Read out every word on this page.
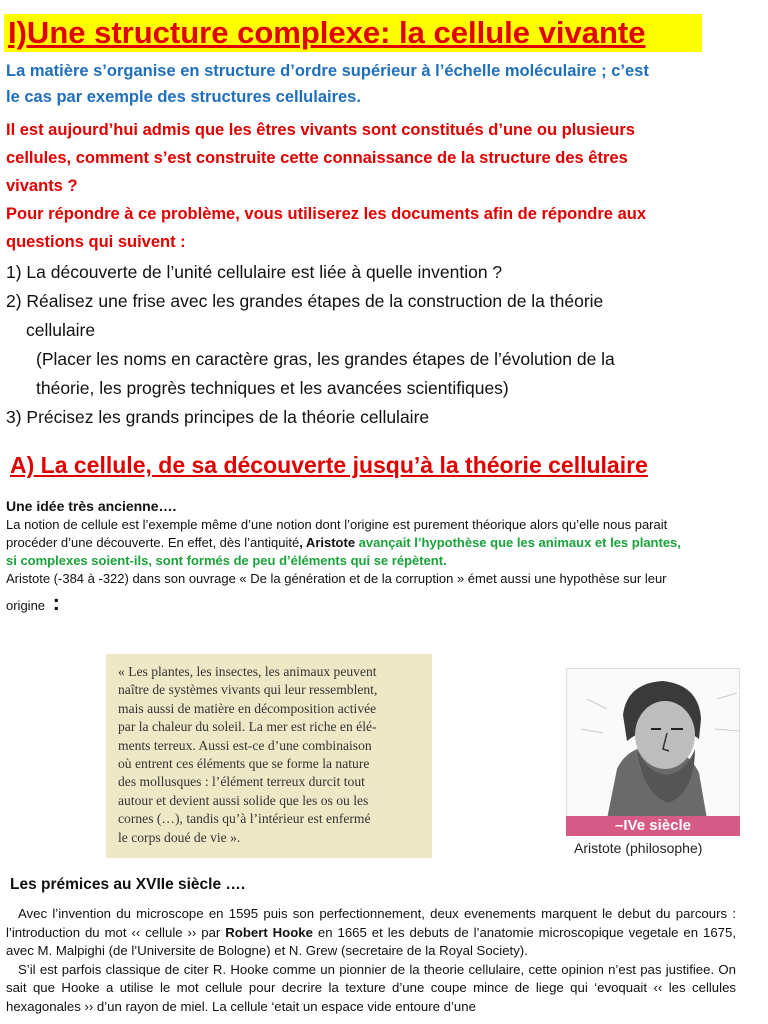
I)Une structure complexe: la cellule vivante
La matière s’organise en structure d’ordre supérieur à l’échelle moléculaire ; c’est
le cas par exemple des structures cellulaires.
Il est aujourd’hui admis que les êtres vivants sont constitués d’une ou plusieurs
cellules, comment s’est construite cette connaissance de la structure des êtres
vivants ?
Pour répondre à ce problème, vous utiliserez les documents afin de répondre aux
questions qui suivent :
1) La découverte de l’unité cellulaire est liée à quelle invention ?
2) Réalisez une frise avec les grandes étapes de la construction de la théorie
cellulaire
(Placer les noms en caractère gras, les grandes étapes de l’évolution de la
théorie, les progrès techniques et les avancées scientifiques)
3) Précisez les grands principes de la théorie cellulaire
A) La cellule, de sa découverte jusqu’à la théorie cellulaire
Une idée très ancienne….
La notion de cellule est l’exemple même d’une notion dont l’origine est purement théorique alors qu’elle nous parait
procéder d’une découverte. En effet, dès l’antiquité, Aristote avançait l’hypothèse que les animaux et les plantes,
si complexes soient-ils, sont formés de peu d’éléments qui se répètent.
Aristote (-384 à -322) dans son ouvrage « De la génération et de la corruption » émet aussi une hypothèse sur leur
origine :
« Les plantes, les insectes, les animaux peuvent
naître de systèmes vivants qui leur ressemblent,
mais aussi de matière en décomposition activée
par la chaleur du soleil. La mer est riche en élé-
ments terreux. Aussi est-ce d’une combinaison
où entrent ces éléments que se forme la nature
des mollusques : l’élément terreux durcit tout
autour et devient aussi solide que les os ou les
cornes (…), tandis qu’à l’intérieur est enfermé
le corps doué de vie ».
–IVe siècle
Aristote (philosophe)
Les prémices au XVIIe siècle ….
Avec l’invention du microscope en 1595 puis son perfectionnement, deux evenements marquent le debut du parcours : l’introduction du mot ‹‹ cellule ›› par Robert Hooke en 1665 et les debuts de l’anatomie microscopique vegetale en 1675, avec M. Malpighi (de l’Universite de Bologne) et N. Grew (secretaire de la Royal Society).
S’il est parfois classique de citer R. Hooke comme un pionnier de la theorie cellulaire, cette opinion n’est pas justifiee. On sait que Hooke a utilise le mot cellule pour decrire la texture d’une coupe mince de liege qui ‘evoquait ‹‹ les cellules hexagonales ›› d’un rayon de miel. La cellule ‘etait un espace vide entoure d’une
